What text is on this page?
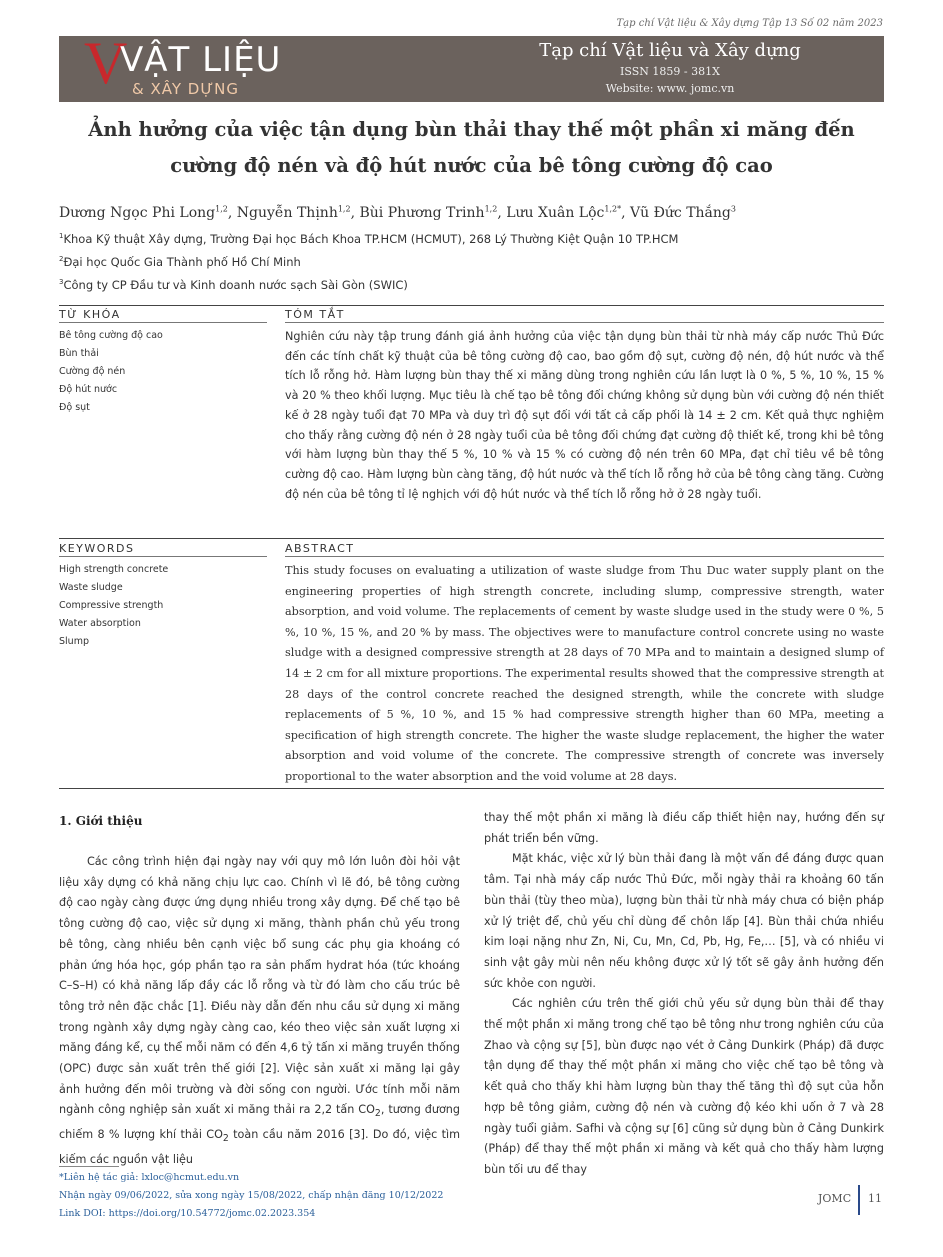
Tạp chí Vật liệu & Xây dựng Tập 13 Số 02 năm 2023
V
VẬT LIỆU
& XÂY DỰNG
Tạp chí Vật liệu và Xây dựng
ISSN 1859 - 381X
Website: www. jomc.vn
Ảnh hưởng của việc tận dụng bùn thải thay thế một phần xi măng đến cường độ nén và độ hút nước của bê tông cường độ cao
Dương Ngọc Phi Long$^{1,2}$, Nguyễn Thịnh$^{1,2}$, Bùi Phương Trinh$^{1,2}$, Lưu Xuân Lộc$^{1,2*}$, Vũ Đức Thắng$^3$
$^1$Khoa Kỹ thuật Xây dựng, Trường Đại học Bách Khoa TP.HCM (HCMUT), 268 Lý Thường Kiệt Quận 10 TP.HCM
$^2$Đại học Quốc Gia Thành phố Hồ Chí Minh
$^3$Công ty CP Đầu tư và Kinh doanh nước sạch Sài Gòn (SWIC)
TỪ KHÓA	TÓM TẮT
Bê tông cường độ cao
Bùn thải
Cường độ nén
Độ hút nước
Độ sụt
Nghiên cứu này tập trung đánh giá ảnh hưởng của việc tận dụng bùn thải từ nhà máy cấp nước Thủ Đức đến các tính chất kỹ thuật của bê tông cường độ cao, bao gồm độ sụt, cường độ nén, độ hút nước và thể tích lỗ rỗng hở. Hàm lượng bùn thay thế xi măng dùng trong nghiên cứu lần lượt là 0 %, 5 %, 10 %, 15 % và 20 % theo khối lượng. Mục tiêu là chế tạo bê tông đối chứng không sử dụng bùn với cường độ nén thiết kế ở 28 ngày tuổi đạt 70 MPa và duy trì độ sụt đối với tất cả cấp phối là 14 ± 2 cm. Kết quả thực nghiệm cho thấy rằng cường độ nén ở 28 ngày tuổi của bê tông đối chứng đạt cường độ thiết kế, trong khi bê tông với hàm lượng bùn thay thế 5 %, 10 % và 15 % có cường độ nén trên 60 MPa, đạt chỉ tiêu về bê tông cường độ cao. Hàm lượng bùn càng tăng, độ hút nước và thể tích lỗ rỗng hở của bê tông càng tăng. Cường độ nén của bê tông tỉ lệ nghịch với độ hút nước và thể tích lỗ rỗng hở ở 28 ngày tuổi.
KEYWORDS	ABSTRACT
High strength concrete
Waste sludge
Compressive strength
Water absorption
Slump
This study focuses on evaluating a utilization of waste sludge from Thu Duc water supply plant on the engineering properties of high strength concrete, including slump, compressive strength, water absorption, and void volume. The replacements of cement by waste sludge used in the study were 0 %, 5 %, 10 %, 15 %, and 20 % by mass. The objectives were to manufacture control concrete using no waste sludge with a designed compressive strength at 28 days of 70 MPa and to maintain a designed slump of 14 ± 2 cm for all mixture proportions. The experimental results showed that the compressive strength at 28 days of the control concrete reached the designed strength, while the concrete with sludge replacements of 5 %, 10 %, and 15 % had compressive strength higher than 60 MPa, meeting a specification of high strength concrete. The higher the waste sludge replacement, the higher the water absorption and void volume of the concrete. The compressive strength of concrete was inversely proportional to the water absorption and the void volume at 28 days.
1. Giới thiệu

Các công trình hiện đại ngày nay với quy mô lớn luôn đòi hỏi vật liệu xây dựng có khả năng chịu lực cao. Chính vì lẽ đó, bê tông cường độ cao ngày càng được ứng dụng nhiều trong xây dựng. Để chế tạo bê tông cường độ cao, việc sử dụng xi măng, thành phần chủ yếu trong bê tông, càng nhiều bên cạnh việc bổ sung các phụ gia khoáng có phản ứng hóa học, góp phần tạo ra sản phẩm hydrat hóa (tức khoáng C–S–H) có khả năng lấp đầy các lỗ rỗng và từ đó làm cho cấu trúc bê tông trở nên đặc chắc [1]. Điều này dẫn đến nhu cầu sử dụng xi măng trong ngành xây dựng ngày càng cao, kéo theo việc sản xuất lượng xi măng đáng kể, cụ thể mỗi năm có đến 4,6 tỷ tấn xi măng truyền thống (OPC) được sản xuất trên thế giới [2]. Việc sản xuất xi măng lại gây ảnh hưởng đến môi trường và đời sống con người. Ước tính mỗi năm ngành công nghiệp sản xuất xi măng thải ra 2,2 tấn $CO_2$, tương đương chiếm 8 % lượng khí thải $CO_2$ toàn cầu năm 2016 [3]. Do đó, việc tìm kiếm các nguồn vật liệu

thay thế một phần xi măng là điều cấp thiết hiện nay, hướng đến sự phát triển bền vững.

Mặt khác, việc xử lý bùn thải đang là một vấn đề đáng được quan tâm. Tại nhà máy cấp nước Thủ Đức, mỗi ngày thải ra khoảng 60 tấn bùn thải (tùy theo mùa), lượng bùn thải từ nhà máy chưa có biện pháp xử lý triệt để, chủ yếu chỉ dùng để chôn lấp [4]. Bùn thải chứa nhiều kim loại nặng như Zn, Ni, Cu, Mn, Cd, Pb, Hg, Fe,… [5], và có nhiều vi sinh vật gây mùi nên nếu không được xử lý tốt sẽ gây ảnh hưởng đến sức khỏe con người.

Các nghiên cứu trên thế giới chủ yếu sử dụng bùn thải để thay thế một phần xi măng trong chế tạo bê tông như trong nghiên cứu của Zhao và cộng sự [5], bùn được nạo vét ở Cảng Dunkirk (Pháp) đã được tận dụng để thay thế một phần xi măng cho việc chế tạo bê tông và kết quả cho thấy khi hàm lượng bùn thay thế tăng thì độ sụt của hỗn hợp bê tông giảm, cường độ nén và cường độ kéo khi uốn ở 7 và 28 ngày tuổi giảm. Safhi và cộng sự [6] cũng sử dụng bùn ở Cảng Dunkirk (Pháp) để thay thế một phần xi măng và kết quả cho thấy hàm lượng bùn tối ưu để thay

*Liên hệ tác giả: lxloc@hcmut.edu.vn
Nhận ngày 09/06/2022, sửa xong ngày 15/08/2022, chấp nhận đăng 10/12/2022
Link DOI: https://doi.org/10.54772/jomc.02.2023.354
JOMC 11
